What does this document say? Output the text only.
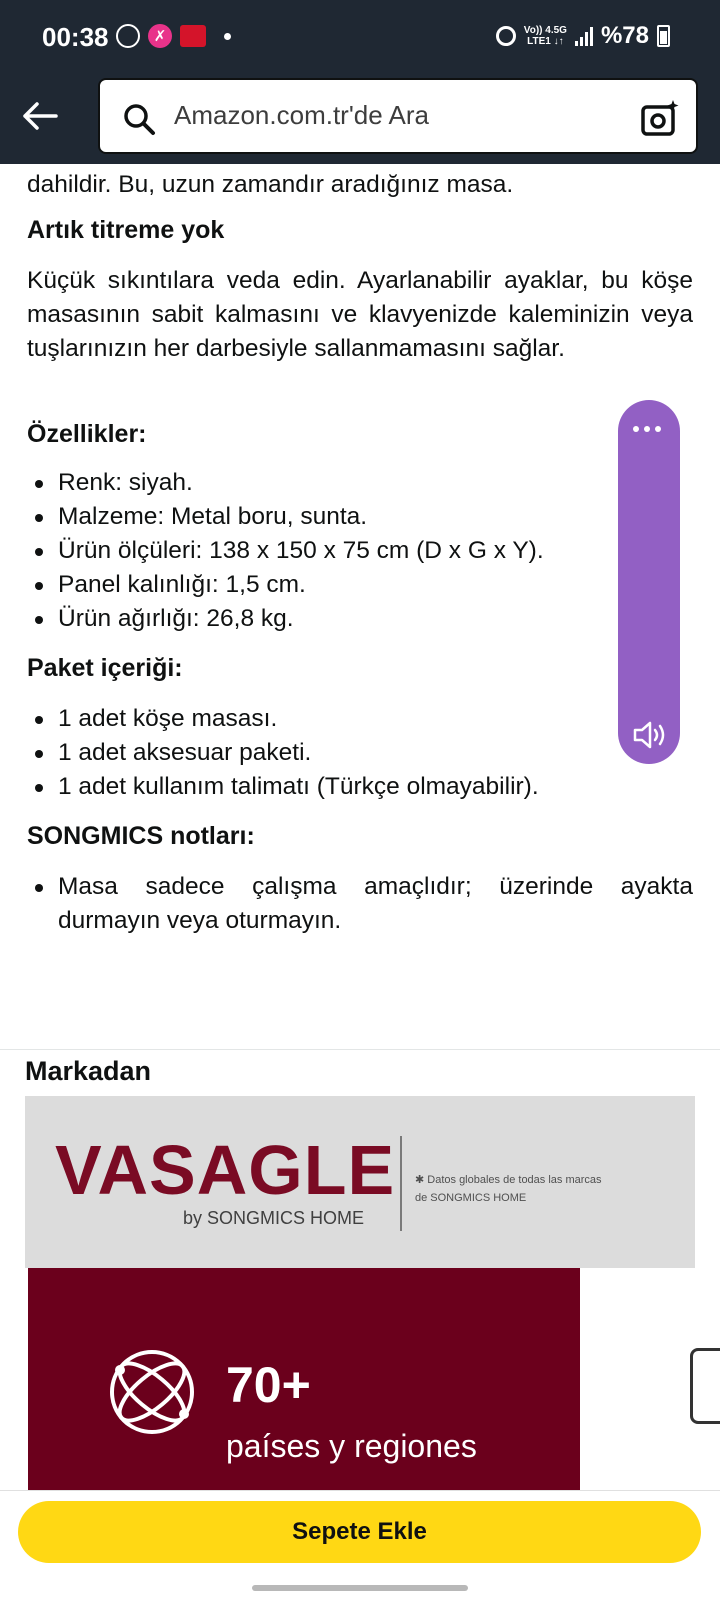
00:38	✗	Vo)) 4.5G
LTE1 ↓↑ %78
Amazon.com.tr'de Ara
dahildir. Bu, uzun zamandır aradığınız masa.
Artık titreme yok
Küçük sıkıntılara veda edin. Ayarlanabilir ayaklar, bu köşe masasının sabit kalmasını ve klavyenizde kaleminizin veya tuşlarınızın her darbesiyle sallanmamasını sağlar.
Özellikler:
Renk: siyah.
Malzeme: Metal boru, sunta.
Ürün ölçüleri: 138 x 150 x 75 cm (D x G x Y).
Panel kalınlığı: 1,5 cm.
Ürün ağırlığı: 26,8 kg.
Paket içeriği:
1 adet köşe masası.
1 adet aksesuar paketi.
1 adet kullanım talimatı (Türkçe olmayabilir).
SONGMICS notları:
Masa sadece çalışma amaçlıdır; üzerinde ayakta durmayın veya oturmayın.
Markadan
VASAGLE
by SONGMICS HOME
✱ Datos globales de todas las marcas de SONGMICS HOME
70+
países y regiones
Sepete Ekle
